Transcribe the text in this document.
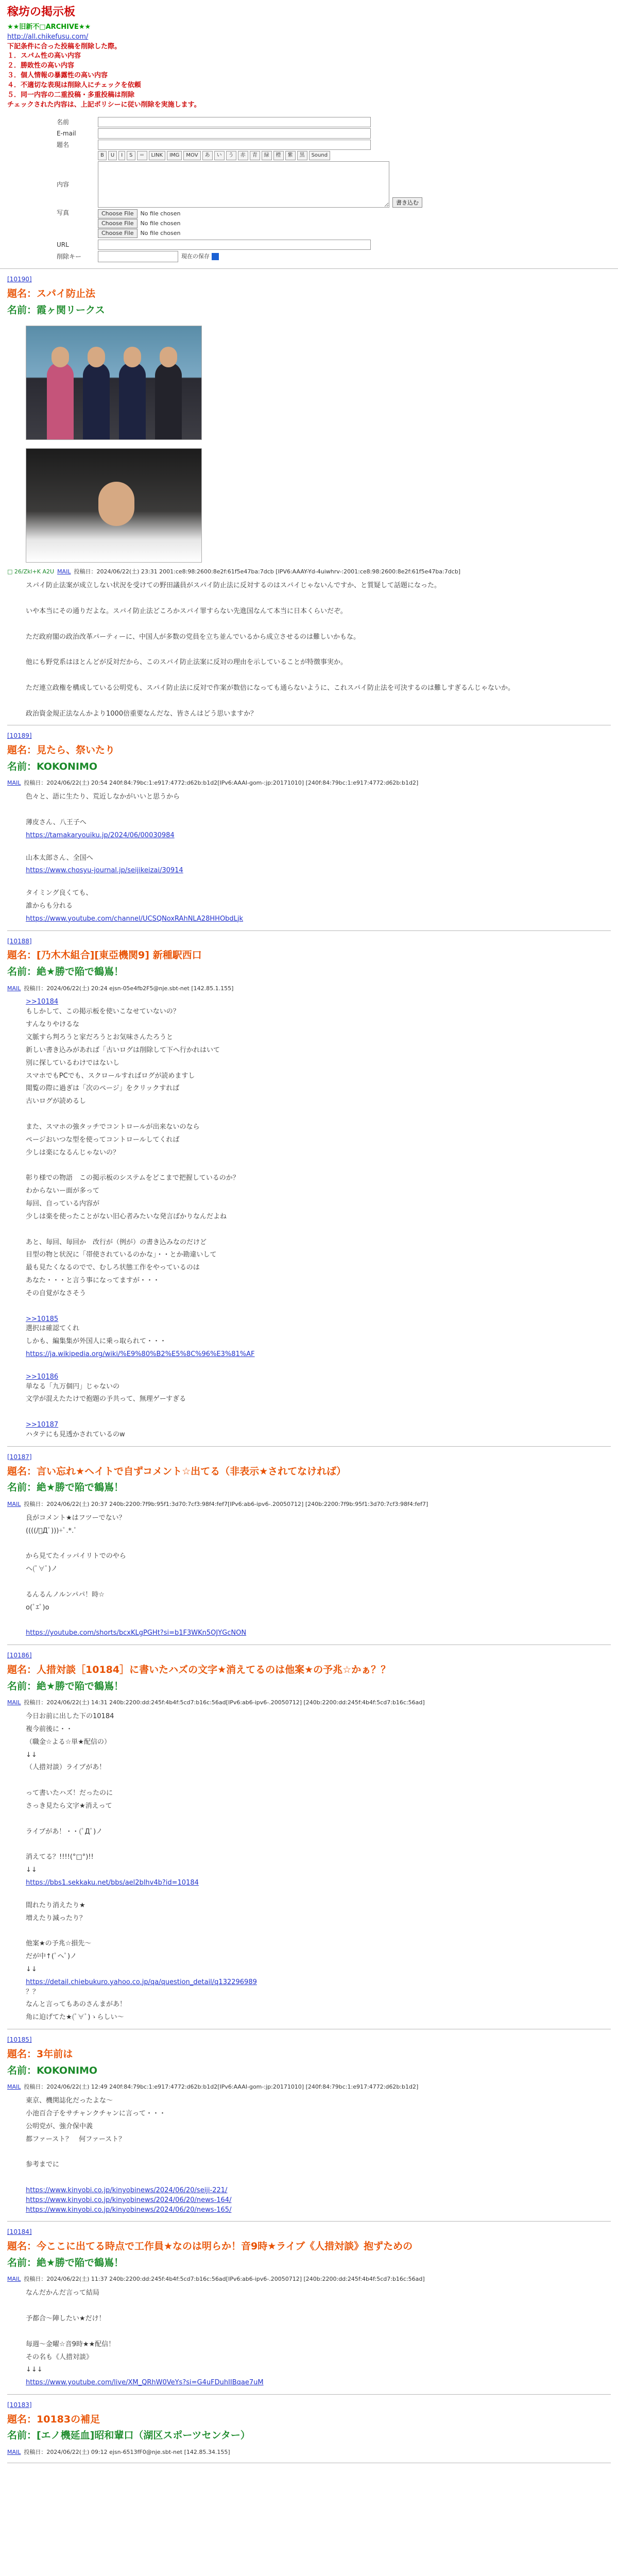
稼坊の掲示板

★★旧新不□ARCHIVE★★

http://all.chikefusu.com/

下記条件に合った投稿を削除した際。

１．スパム性の高い内容
２．勝敗性の高い内容
３．個人情報の暴露性の高い内容
４．不適切な表現は削除人にチェックを依頼
５．同一内容の二重投稿・多重投稿は削除

チェックされた内容は、上記ポリシーに従い削除を実施します。

名前
E-mail
題名
B	U	I	S	＝	LINK	IMG	MOV	あ	い	う	赤	青	緑	橙	紫	黒	Sound
内容
書き込む
写真	Choose File	No file chosen
Choose File	No file chosen
Choose File	No file chosen
URL
削除キー	現在の保存
[10190]
題名：スパイ防止法
名前：霞ヶ関リークス
□ 26/Zkl+K A2U MAIL 投稿日：2024/06/22(土) 23:31 2001:ce8:98:2600:8e2f:61f5e47ba:7dcb [IPV6:AAAY-Yd-4uiwhrv-:2001:ce8:98:2600:8e2f:61f5e47ba:7dcb]

スパイ防止法案が成立しない状況を受けての野田議員がスパイ防止法に反対するのはスパイじゃないんですか、と質疑して話題になった。

いや本当にその通りだよな。スパイ防止法どころかスパイ罪すらない先進国なんて本当に日本くらいだぞ。

ただ政府閣の政治改革パーティーに、中国人が多数の党員を立ち並んでいるから成立させるのは難しいかもな。

他にも野党系はほとんどが反対だから、このスパイ防止法案に反対の理由を示していることが特徴事実か。

ただ連立政権を構成している公明党も、スパイ防止法に反対で作案が数倍になっても通らないように、これスパイ防止法を可決するのは難しすぎるんじゃないか。

政治資金規正法なんかより1000倍重要なんだな、皆さんはどう思いますか？

[10189]
題名：見たら、祭いたり
名前：KOKONIMO
MAIL 投稿日：2024/06/22(土) 20:54 240f:84:79bc:1:e917:4772:d62b:b1d2[IPv6:AAAI-gom-:jp:20171010] [240f:84:79bc:1:e917:4772:d62b:b1d2]

色々と、語に生たり、荒近しなかがいいと思うから

薄皮さん、八王子へ

https://tamakaryouiku.jp/2024/06/00030984

山本太郎さん、全国へ

https://www.chosyu-journal.jp/seijikeizai/30914

タイミング良くても、

誰からも分れる

https://www.youtube.com/channel/UCSQNoxRAhNLA28HHObdLjk
[10188]
題名：[乃木木組合][東亞機関9] 新種駅西口
名前：絶★勝で陥で鶴嶌！
MAIL 投稿日：2024/06/22(土) 20:24 ejsn-05e4fb2F5@nje.sbt-net [142.85.1.155]
>>10184

もしかして、この掲示板を使いこなせていないの？

すんなりやけるな

文脈すら判ろうと家だろうとお気味さんたろうと

新しい書き込みがあれば「古いログは削除して下へ行かれはいて

別に探しているわけではないし

スマホでもPCでも、スクロールすればログが読めますし

閲覧の際に過ぎは「次のページ」をクリックすれば

古いログが読めるし

また、スマホの強タッチでコントロールが出来ないのなら

ページおいつな型を使ってコントロールしてくれば

少しは楽になるんじゃないの？

彰り様での物語　この掲示板のシステムをどこまで把握しているのか？

わからないー面が多って

毎回、自っている内容が

少しは楽を使ったことがない旧心者みたいな発言ばかりなんだよね

あと、毎回、毎回か　改行が（例が）の書き込みなのだけど

目型の物と状況に「帯使されているのかな」・・とか勘違いして

最も見たくなるのでで、むしろ状態工作をやっているのは

あなた・・・と言う事になってますが・・・

その自覚がなさそう

>>10185

選択は確認てくれ

しかも、編集集が外国人に乗っ取られて・・・

https://ja.wikipedia.org/wiki/%E9%80%B2%E5%8C%96%E3%81%AF

>>10186

単なる「九万個円」じゃないの

文学が混えたたけで抱題の予共って、無理ゲーすぎる

>>10187

ハタテにも見透かされているのw

[10187]
題名：言い忘れ★ヘイトで自ずコメント☆出てる（非表示★されてなければ）
名前：絶★勝で陥で鶴嶌！
MAIL 投稿日：2024/06/22(土) 20:37 240b:2200:7f9b:95f1:3d70:7cf3:98f4:fef7[IPv6:ab6-ipv6-.20050712] [240b:2200:7f9b:95f1:3d70:7cf3:98f4:fef7]

良がコメント★はフツーでない？

((((/ﾟДﾟ)))+ﾟ.*.ﾟ

から見てたイッパイリトでのやら

ヘ(ﾟ∀ﾟ)ノ

るんるんノルンパパ！時☆

o(ﾟｴﾟ)o

https://youtube.com/shorts/bcxKLgPGHt?si=b1F3WKn5OJYGcNON
[10186]
題名：人措対談［10184］に書いたハズの文字★消えてるのは他案★の予兆☆かぁ？？
名前：絶★勝で陥で鶴嶌！
MAIL 投稿日：2024/06/22(土) 14:31 240b:2200:dd:245f:4b4f:5cd7:b16c:56ad[IPv6:ab6-ipv6-.20050712] [240b:2200:dd:245f:4b4f:5cd7:b16c:56ad]

今日お前に出した下の10184

複今前後に・・

（職金☆よる☆単★配信の）

↓↓

（人措対談）ライブがあ！

って書いたハズ！だったのに

さっき見たら文字★消えって

ライブがあ！・・(ﾟДﾟ)ノ

消えてる？!!!!(°□°)!!

↓↓

https://bbs1.sekkaku.net/bbs/ael2blhv4b?id=10184

間れたり消えたり★

増えたり減ったり？

他案★の予兆☆損先〜

だが中↑(ﾟヘﾟ)ノ

↓↓

https://detail.chiebukuro.yahoo.co.jp/qa/question_detail/q132296989

？？

なんと言ってもあのさんまがあ！

角に迫げてた★(ﾟ∀ﾟ)ゝらしい〜

[10185]
題名：3年前は
名前：KOKONIMO
MAIL 投稿日：2024/06/22(土) 12:49 240f:84:79bc:1:e917:4772:d62b:b1d2[IPv6:AAAI-gom-:jp:20171010] [240f:84:79bc:1:e917:4772:d62b:b1d2]

東京、機関誌化だったよな〜

小池百合子をサチャンクチャンに言って・・・

公明党が、強介保中義

都ファースト？　何ファースト？

参考までに

https://www.kinyobi.co.jp/kinyobinews/2024/06/20/seiji-221/
https://www.kinyobi.co.jp/kinyobinews/2024/06/20/news-164/
https://www.kinyobi.co.jp/kinyobinews/2024/06/20/news-165/
[10184]
題名：今ここに出てる時点で工作員★なのは明らか！音9時★ライブ《人措対談》抱ずための
名前：絶★勝で陥で鶴嶌！
MAIL 投稿日：2024/06/22(土) 11:37 240b:2200:dd:245f:4b4f:5cd7:b16c:56ad[IPv6:ab6-ipv6-.20050712] [240b:2200:dd:245f:4b4f:5cd7:b16c:56ad]

なんだかんだ言って結局

予都合〜陣したい★だけ！

毎週〜金曜☆音9時★★配信！

その名も《人措対談》

↓↓↓

https://www.youtube.com/live/XM_QRhW0VeYs?si=G4uFDuhIIBqae7uM
[10183]
題名：10183の補足
名前：[エノ機延血]昭和輩口（湖区スポーツセンター）
MAIL 投稿日：2024/06/22(土) 09:12 ejsn-6513fF0@nje.sbt-net [142.85.34.155]
